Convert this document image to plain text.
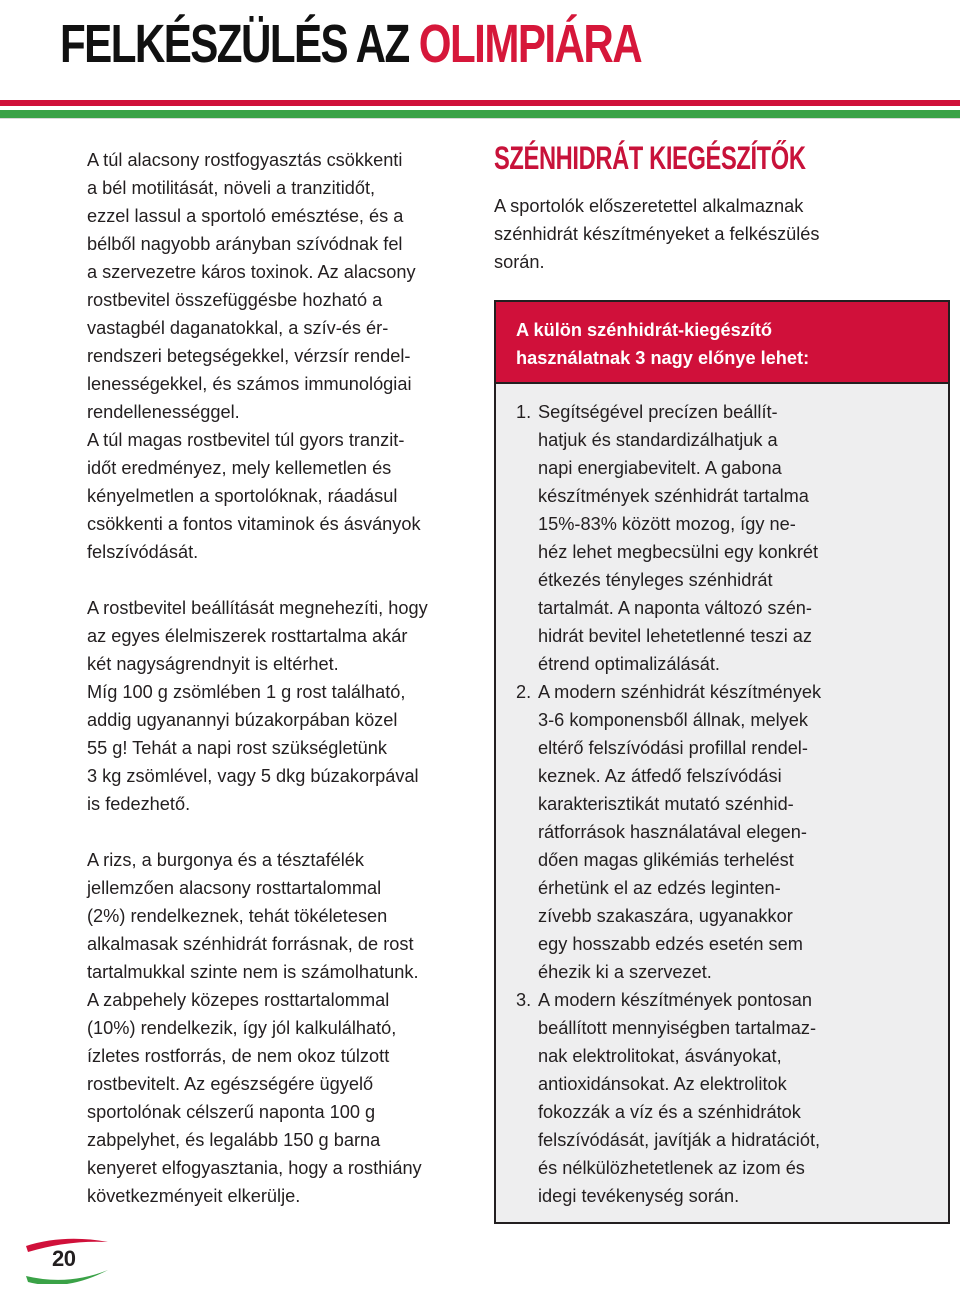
FELKÉSZÜLÉS AZ OLIMPIÁRA

A túl alacsony rostfogyasztás csökkenti
a bél motilitását, növeli a tranzitidőt,
ezzel lassul a sportoló emésztése, és a
bélből nagyobb arányban szívódnak fel
a szervezetre káros toxinok. Az alacsony
rostbevitel összefüggésbe hozható a
vastagbél daganatokkal, a szív-és ér-
rendszeri betegségekkel, vérzsír rendel-
lenességekkel, és számos immunológiai
rendellenességgel.
A túl magas rostbevitel túl gyors tranzit-
időt eredményez, mely kellemetlen és
kényelmetlen a sportolóknak, ráadásul
csökkenti a fontos vitaminok és ásványok
felszívódását.

A rostbevitel beállítását megnehezíti, hogy
az egyes élelmiszerek rosttartalma akár
két nagyságrendnyit is eltérhet.
Míg 100 g zsömlében 1 g rost található,
addig ugyanannyi búzakorpában közel
55 g! Tehát a napi rost szükségletünk
3 kg zsömlével, vagy 5 dkg búzakorpával
is fedezhető.

A rizs, a burgonya és a tésztafélék
jellemzően alacsony rosttartalommal
(2%) rendelkeznek, tehát tökéletesen
alkalmasak szénhidrát forrásnak, de rost
tartalmukkal szinte nem is számolhatunk.
A zabpehely közepes rosttartalommal
(10%) rendelkezik, így jól kalkulálható,
ízletes rostforrás, de nem okoz túlzott
rostbevitelt. Az egészségére ügyelő
sportolónak célszerű naponta 100 g
zabpelyhet, és legalább 150 g barna
kenyeret elfogyasztania, hogy a rosthiány
következményeit elkerülje.

SZÉNHIDRÁT KIEGÉSZÍTŐK

A sportolók előszeretettel alkalmaznak
szénhidrát készítményeket a felkészülés
során.

A külön szénhidrát-kiegészítő
használatnak 3 nagy előnye lehet:

1. Segítségével precízen beállít-
hatjuk és standardizálhatjuk a
napi energiabevitelt. A gabona
készítmények szénhidrát tartalma
15%-83% között mozog, így ne-
héz lehet megbecsülni egy konkrét
étkezés tényleges szénhidrát
tartalmát. A naponta változó szén-
hidrát bevitel lehetetlenné teszi az
étrend optimalizálását.
2. A modern szénhidrát készítmények
3-6 komponensből állnak, melyek
eltérő felszívódási profillal rendel-
keznek. Az átfedő felszívódási
karakterisztikát mutató szénhid-
rátforrások használatával elegen-
dően magas glikémiás terhelést
érhetünk el az edzés leginten-
zívebb szakaszára, ugyanakkor
egy hosszabb edzés esetén sem
éhezik ki a szervezet.
3. A modern készítmények pontosan
beállított mennyiségben tartalmaz-
nak elektrolitokat, ásványokat,
antioxidánsokat. Az elektrolitok
fokozzák a víz és a szénhidrátok
felszívódását, javítják a hidratációt,
és nélkülözhetetlenek az izom és
idegi tevékenység során.
20
